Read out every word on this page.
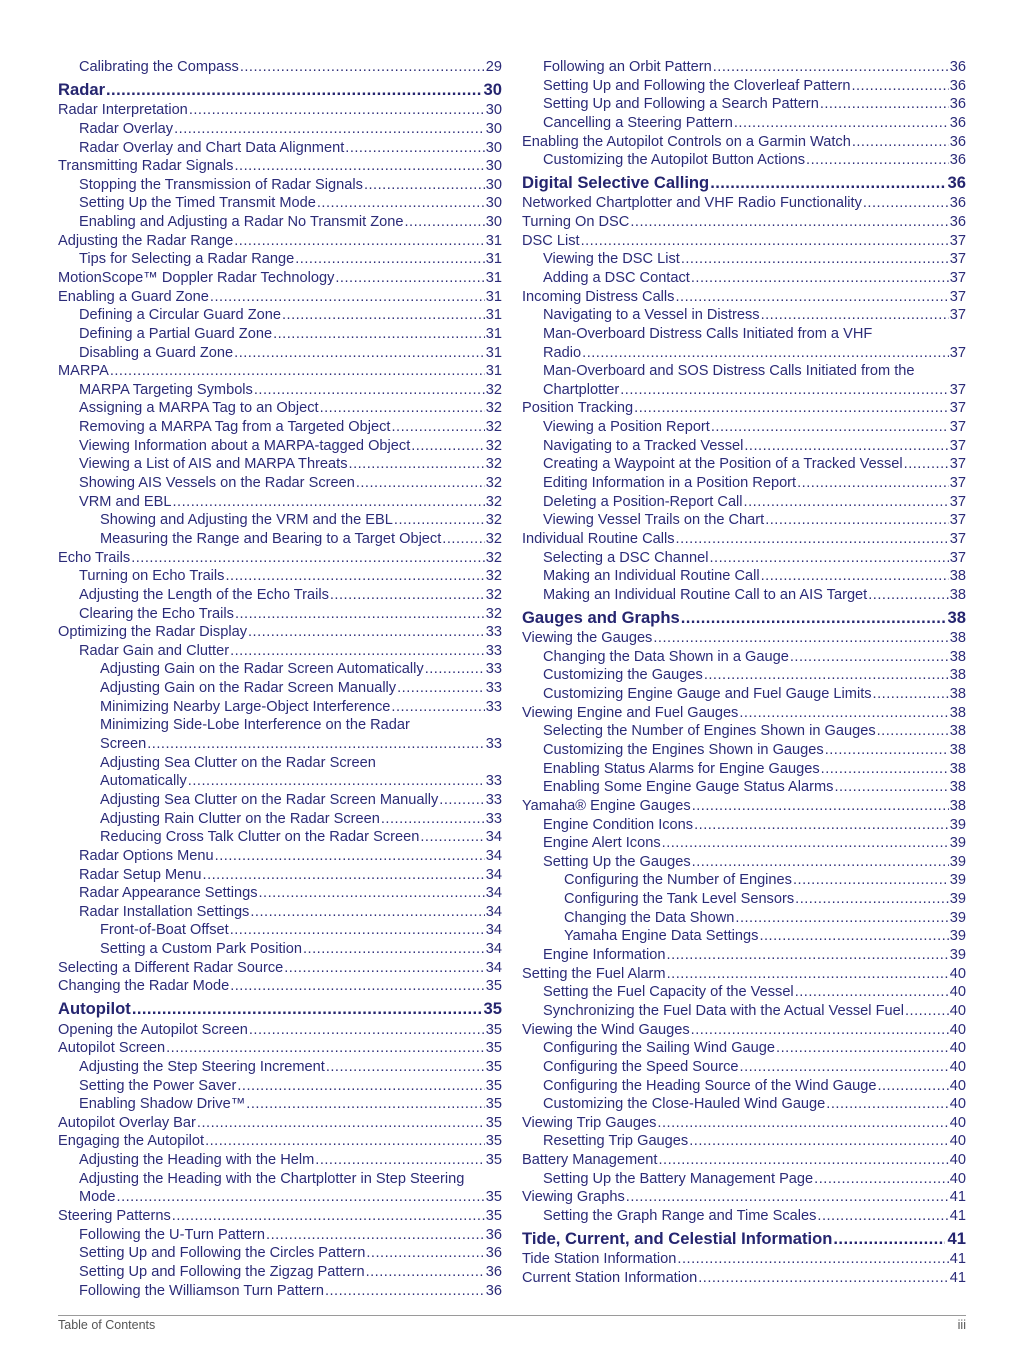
Calibrating the Compass .....	29
Radar .....	30
Radar Interpretation .....	30
Radar Overlay .....	30
Radar Overlay and Chart Data Alignment .....	30
Transmitting Radar Signals .....	30
Stopping the Transmission of Radar Signals .....	30
Setting Up the Timed Transmit Mode .....	30
Enabling and Adjusting a Radar No Transmit Zone .....	30
Adjusting the Radar Range .....	31
Tips for Selecting a Radar Range .....	31
MotionScope™ Doppler Radar Technology .....	31
Enabling a Guard Zone .....	31
Defining a Circular Guard Zone .....	31
Defining a Partial Guard Zone .....	31
Disabling a Guard Zone .....	31
MARPA .....	31
MARPA Targeting Symbols .....	32
Assigning a MARPA Tag to an Object .....	32
Removing a MARPA Tag from a Targeted Object .....	32
Viewing Information about a MARPA-tagged Object .....	32
Viewing a List of AIS and MARPA Threats .....	32
Showing AIS Vessels on the Radar Screen .....	32
VRM and EBL .....	32
Showing and Adjusting the VRM and the EBL .....	32
Measuring the Range and Bearing to a Target Object .....	32
Echo Trails .....	32
Turning on Echo Trails .....	32
Adjusting the Length of the Echo Trails .....	32
Clearing the Echo Trails .....	32
Optimizing the Radar Display .....	33
Radar Gain and Clutter .....	33
Adjusting Gain on the Radar Screen Automatically .....	33
Adjusting Gain on the Radar Screen Manually .....	33
Minimizing Nearby Large-Object Interference .....	33
Minimizing Side-Lobe Interference on the Radar
Screen .....	33
Adjusting Sea Clutter on the Radar Screen
Automatically .....	33
Adjusting Sea Clutter on the Radar Screen Manually .....	33
Adjusting Rain Clutter on the Radar Screen .....	33
Reducing Cross Talk Clutter on the Radar Screen .....	34
Radar Options Menu .....	34
Radar Setup Menu .....	34
Radar Appearance Settings .....	34
Radar Installation Settings .....	34
Front-of-Boat Offset .....	34
Setting a Custom Park Position .....	34
Selecting a Different Radar Source .....	34
Changing the Radar Mode .....	35
Autopilot .....	35
Opening the Autopilot Screen .....	35
Autopilot Screen .....	35
Adjusting the Step Steering Increment .....	35
Setting the Power Saver .....	35
Enabling Shadow Drive™ .....	35
Autopilot Overlay Bar .....	35
Engaging the Autopilot .....	35
Adjusting the Heading with the Helm .....	35
Adjusting the Heading with the Chartplotter in Step Steering
Mode .....	35
Steering Patterns .....	35
Following the U-Turn Pattern .....	36
Setting Up and Following the Circles Pattern .....	36
Setting Up and Following the Zigzag Pattern .....	36
Following the Williamson Turn Pattern .....	36
Following an Orbit Pattern .....	36
Setting Up and Following the Cloverleaf Pattern .....	36
Setting Up and Following a Search Pattern .....	36
Cancelling a Steering Pattern .....	36
Enabling the Autopilot Controls on a Garmin Watch .....	36
Customizing the Autopilot Button Actions .....	36
Digital Selective Calling .....	36
Networked Chartplotter and VHF Radio Functionality .....	36
Turning On DSC .....	36
DSC List .....	37
Viewing the DSC List .....	37
Adding a DSC Contact .....	37
Incoming Distress Calls .....	37
Navigating to a Vessel in Distress .....	37
Man-Overboard Distress Calls Initiated from a VHF
Radio .....	37
Man-Overboard and SOS Distress Calls Initiated from the
Chartplotter .....	37
Position Tracking .....	37
Viewing a Position Report .....	37
Navigating to a Tracked Vessel .....	37
Creating a Waypoint at the Position of a Tracked Vessel .....	37
Editing Information in a Position Report .....	37
Deleting a Position-Report Call .....	37
Viewing Vessel Trails on the Chart .....	37
Individual Routine Calls .....	37
Selecting a DSC Channel .....	37
Making an Individual Routine Call .....	38
Making an Individual Routine Call to an AIS Target .....	38
Gauges and Graphs .....	38
Viewing the Gauges .....	38
Changing the Data Shown in a Gauge .....	38
Customizing the Gauges .....	38
Customizing Engine Gauge and Fuel Gauge Limits .....	38
Viewing Engine and Fuel Gauges .....	38
Selecting the Number of Engines Shown in Gauges .....	38
Customizing the Engines Shown in Gauges .....	38
Enabling Status Alarms for Engine Gauges .....	38
Enabling Some Engine Gauge Status Alarms .....	38
Yamaha® Engine Gauges .....	38
Engine Condition Icons .....	39
Engine Alert Icons .....	39
Setting Up the Gauges .....	39
Configuring the Number of Engines .....	39
Configuring the Tank Level Sensors .....	39
Changing the Data Shown .....	39
Yamaha Engine Data Settings .....	39
Engine Information .....	39
Setting the Fuel Alarm .....	40
Setting the Fuel Capacity of the Vessel .....	40
Synchronizing the Fuel Data with the Actual Vessel Fuel .....	40
Viewing the Wind Gauges .....	40
Configuring the Sailing Wind Gauge .....	40
Configuring the Speed Source .....	40
Configuring the Heading Source of the Wind Gauge .....	40
Customizing the Close-Hauled Wind Gauge .....	40
Viewing Trip Gauges .....	40
Resetting Trip Gauges .....	40
Battery Management .....	40
Setting Up the Battery Management Page .....	40
Viewing Graphs .....	41
Setting the Graph Range and Time Scales .....	41
Tide, Current, and Celestial Information .....	41
Tide Station Information .....	41
Current Station Information .....	41
Table of Contents	iii
